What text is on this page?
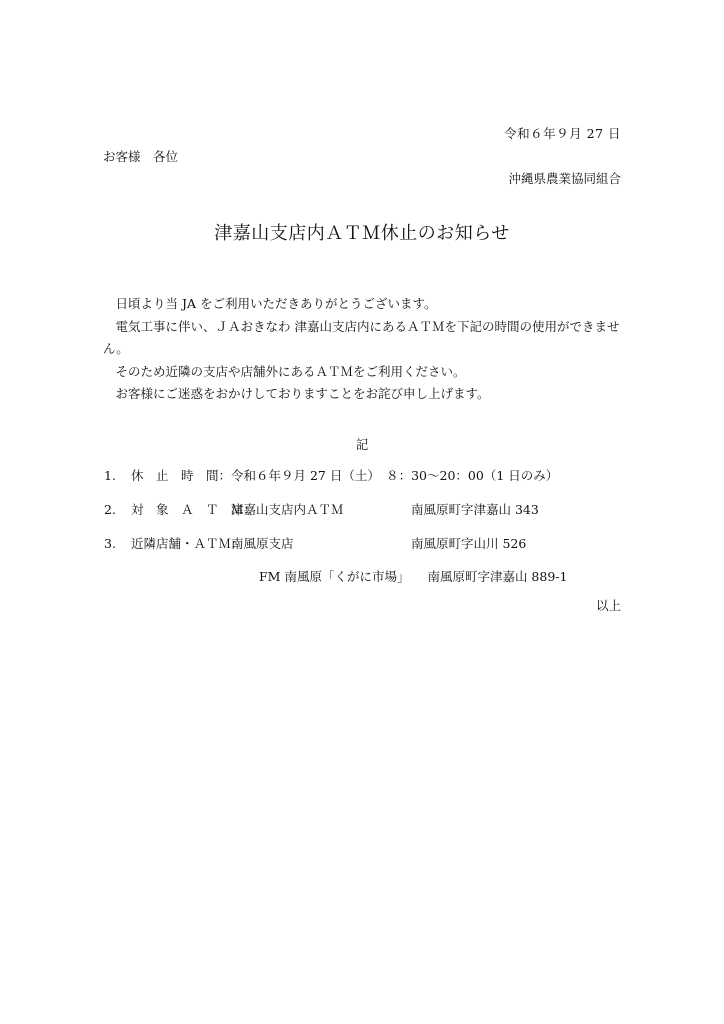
令和６年９月 27 日
お客様　各位
沖縄県農業協同組合
津嘉山支店内ＡＴＭ休止のお知らせ

日頃より当 JA をご利用いただきありがとうございます。

電気工事に伴い、ＪＡおきなわ 津嘉山支店内にあるＡＴＭを下記の時間の使用ができません。

そのため近隣の支店や店舗外にあるＡＴＭをご利用ください。

お客様にご迷惑をおかけしておりますことをお詫び申し上げます。

記
1. 休　止　時　間： 令和６年９月 27 日（土）　８：30～20：00（1 日のみ）
2. 対　象　Ａ　Ｔ　Ｍ：
津嘉山支店内ＡＴＭ	南風原町字津嘉山 343
3. 近隣店舗・ＡＴＭ：
南風原支店	南風原町字山川 526
FM 南風原「くがに市場」 南風原町字津嘉山 889-1
以上
